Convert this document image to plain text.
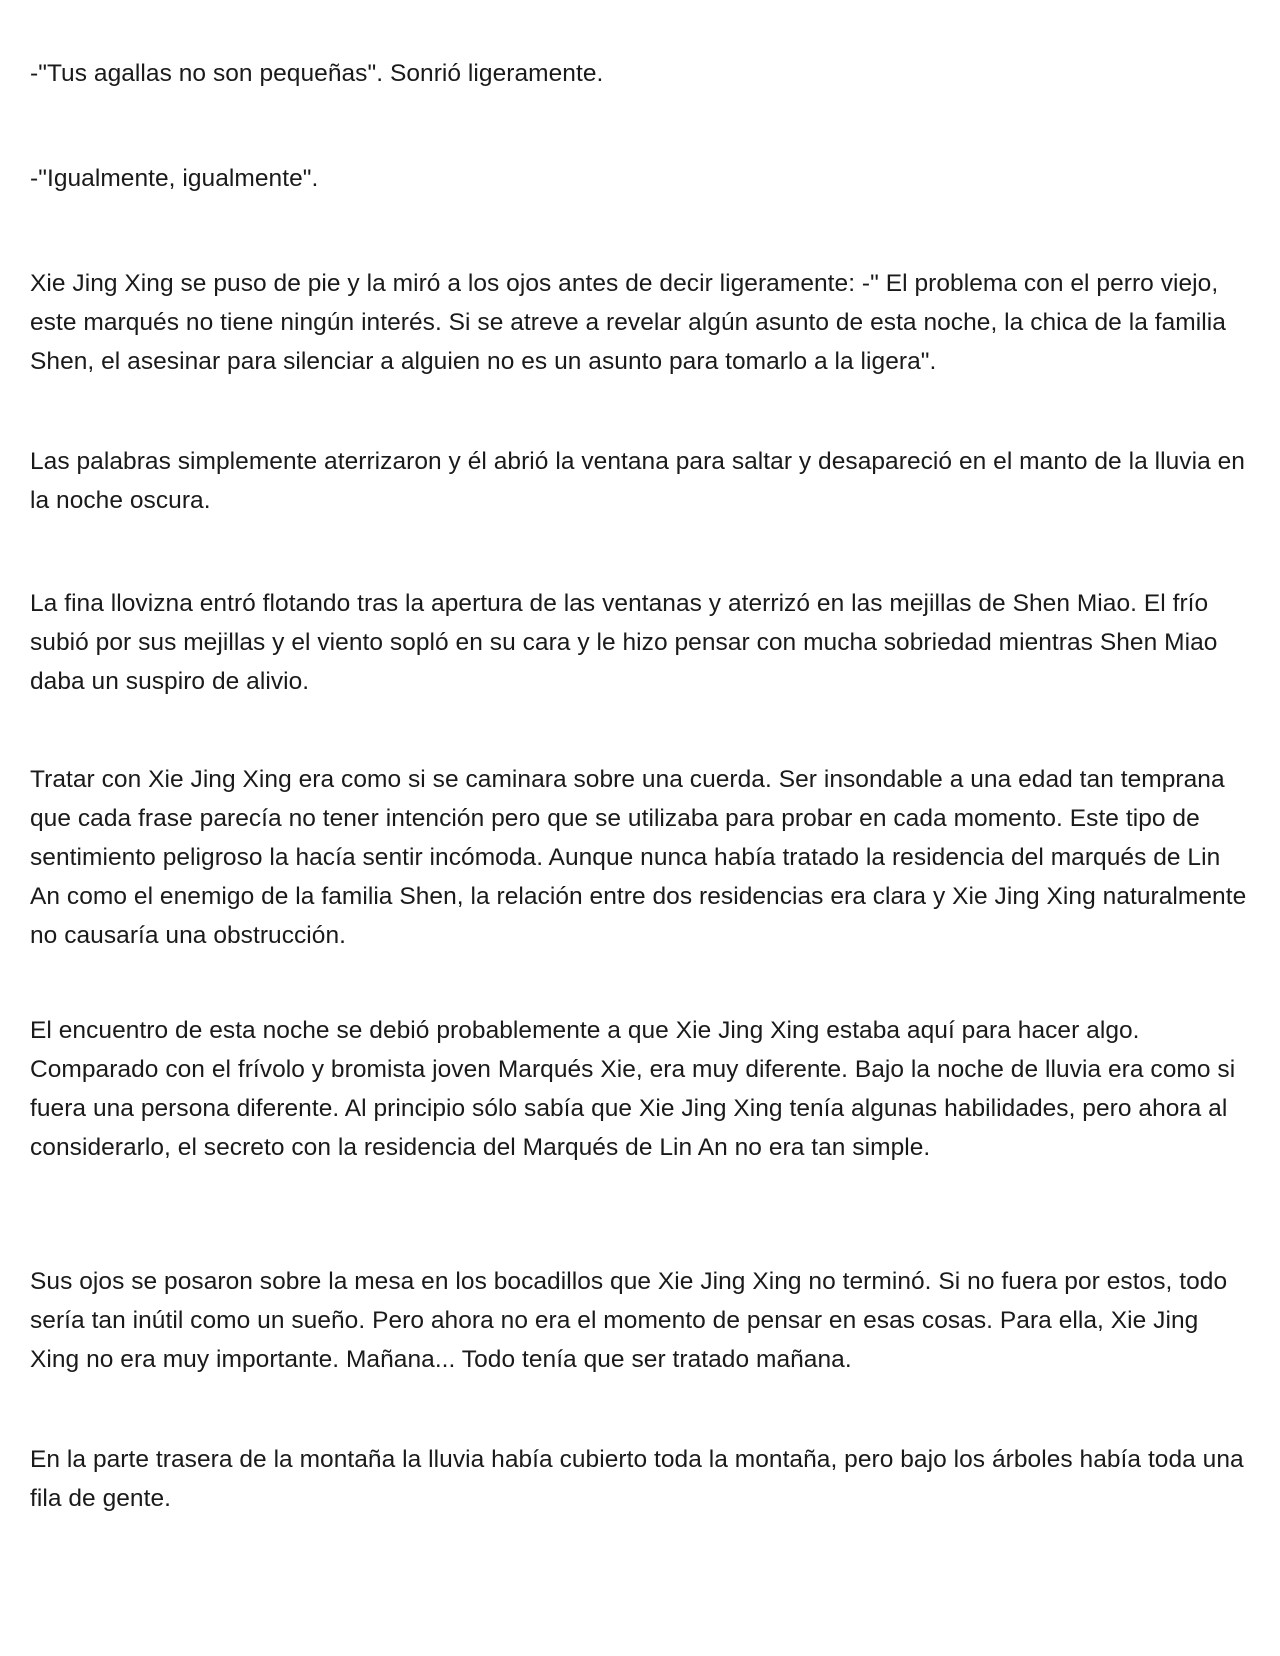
-"Tus agallas no son pequeñas". Sonrió ligeramente.

-"Igualmente, igualmente".

Xie Jing Xing se puso de pie y la miró a los ojos antes de decir ligeramente: -" El problema con el perro viejo, este marqués no tiene ningún interés. Si se atreve a revelar algún asunto de esta noche, la chica de la familia Shen, el asesinar para silenciar a alguien no es un asunto para tomarlo a la ligera".

Las palabras simplemente aterrizaron y él abrió la ventana para saltar y desapareció en el manto de la lluvia en la noche oscura.

La fina llovizna entró flotando tras la apertura de las ventanas y aterrizó en las mejillas de Shen Miao. El frío subió por sus mejillas y el viento sopló en su cara y le hizo pensar con mucha sobriedad mientras Shen Miao daba un suspiro de alivio.

Tratar con Xie Jing Xing era como si se caminara sobre una cuerda. Ser insondable a una edad tan temprana que cada frase parecía no tener intención pero que se utilizaba para probar en cada momento. Este tipo de sentimiento peligroso la hacía sentir incómoda. Aunque nunca había tratado la residencia del marqués de Lin An como el enemigo de la familia Shen, la relación entre dos residencias era clara y Xie Jing Xing naturalmente no causaría una obstrucción.

El encuentro de esta noche se debió probablemente a que Xie Jing Xing estaba aquí para hacer algo. Comparado con el frívolo y bromista joven Marqués Xie, era muy diferente. Bajo la noche de lluvia era como si fuera una persona diferente. Al principio sólo sabía que Xie Jing Xing tenía algunas habilidades, pero ahora al considerarlo, el secreto con la residencia del Marqués de Lin An no era tan simple.

Sus ojos se posaron sobre la mesa en los bocadillos que Xie Jing Xing no terminó. Si no fuera por estos, todo sería tan inútil como un sueño. Pero ahora no era el momento de pensar en esas cosas. Para ella, Xie Jing Xing no era muy importante. Mañana... Todo tenía que ser tratado mañana.

En la parte trasera de la montaña la lluvia había cubierto toda la montaña, pero bajo los árboles había toda una fila de gente.
